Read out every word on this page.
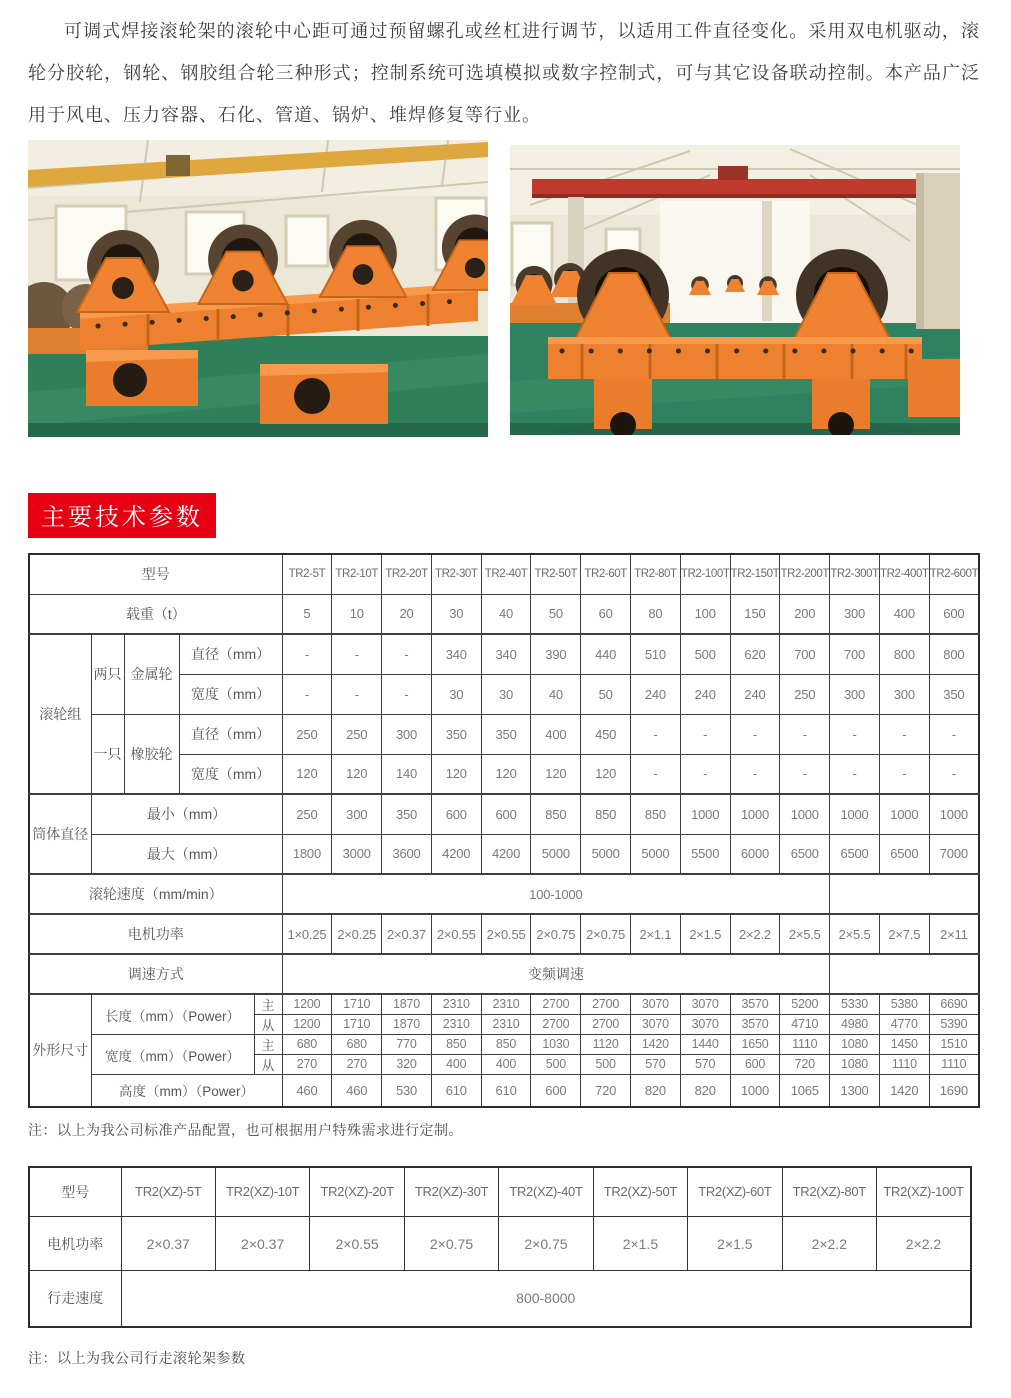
可调式焊接滚轮架的滚轮中心距可通过预留螺孔或丝杠进行调节，以适用工件直径变化。采用双电机驱动，滚轮分胶轮，钢轮、钢胶组合轮三种形式；控制系统可选填模拟或数字控制式，可与其它设备联动控制。本产品广泛用于风电、压力容器、石化、管道、锅炉、堆焊修复等行业。

主要技术参数
型号					TR2-5T	TR2-10T	TR2-20T	TR2-30T	TR2-40T	TR2-50T	TR2-60T	TR2-80T	TR2-100T	TR2-150T	TR2-200T	TR2-300T	TR2-400T	TR2-600T
载重（t）					5	10	20	30	40	50	60	80	100	150	200	300	400	600
滚轮组	两只	金属轮	直径（mm）		-	-	-	340	340	390	440	510	500	620	700	700	800	800
			宽度（mm）		-	-	-	30	30	40	50	240	240	240	250	300	300	350
	一只	橡胶轮	直径（mm）		250	250	300	350	350	400	450	-	-	-	-	-	-	-
			宽度（mm）		120	120	140	120	120	120	120	-	-	-	-	-	-	-
筒体直径	最小（mm）				250	300	350	600	600	850	850	850	1000	1000	1000	1000	1000	1000
	最大（mm）				1800	3000	3600	4200	4200	5000	5000	5000	5500	6000	6500	6500	6500	7000
滚轮速度（mm/min）					100-1000													
电机功率					1×0.25	2×0.25	2×0.37	2×0.55	2×0.55	2×0.75	2×0.75	2×1.1	2×1.5	2×2.2	2×5.5	2×5.5	2×7.5	2×11
调速方式					变频调速													
外形尺寸	长度（mm）（Power）			主	1200	1710	1870	2310	2310	2700	2700	3070	3070	3570	5200	5330	5380	6690
				从	1200	1710	1870	2310	2310	2700	2700	3070	3070	3570	4710	4980	4770	5390
	宽度（mm）（Power）			主	680	680	770	850	850	1030	1120	1420	1440	1650	1110	1080	1450	1510
				从	270	270	320	400	400	500	500	570	570	600	720	1080	1110	1110
	高度（mm）（Power）				460	460	530	610	610	600	720	820	820	1000	1065	1300	1420	1690

注：以上为我公司标准产品配置，也可根据用户特殊需求进行定制。

型号	TR2(XZ)-5T	TR2(XZ)-10T	TR2(XZ)-20T	TR2(XZ)-30T	TR2(XZ)-40T	TR2(XZ)-50T	TR2(XZ)-60T	TR2(XZ)-80T	TR2(XZ)-100T
电机功率	2×0.37	2×0.37	2×0.55	2×0.75	2×0.75	2×1.5	2×1.5	2×2.2	2×2.2
行走速度	800-8000								

注：以上为我公司行走滚轮架参数
